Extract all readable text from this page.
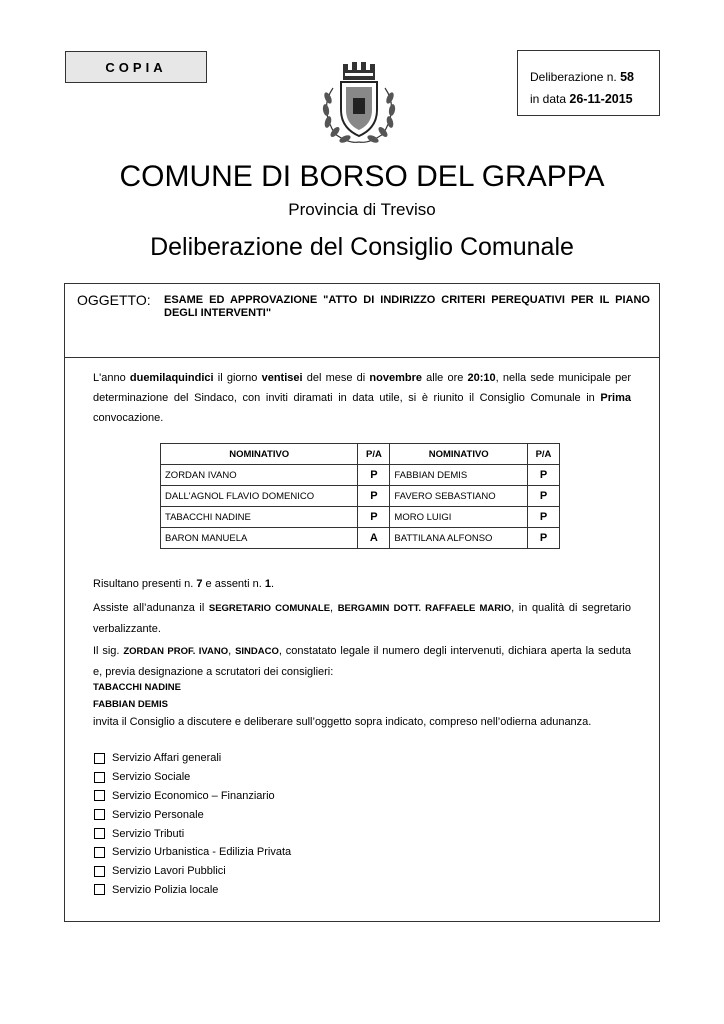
COPIA
Deliberazione n. 58
in data 26-11-2015
COMUNE DI BORSO DEL GRAPPA
Provincia di Treviso
Deliberazione del Consiglio Comunale
OGGETTO: ESAME ED APPROVAZIONE "ATTO DI INDIRIZZO CRITERI PEREQUATIVI PER IL PIANO DEGLI INTERVENTI"

L'anno duemilaquindici il giorno ventisei del mese di novembre alle ore 20:10, nella sede municipale per determinazione del Sindaco, con inviti diramati in data utile, si è riunito il Consiglio Comunale in Prima convocazione.

NOMINATIVO	P/A	NOMINATIVO	P/A
ZORDAN IVANO	P	FABBIAN DEMIS	P
DALL'AGNOL FLAVIO DOMENICO	P	FAVERO SEBASTIANO	P
TABACCHI NADINE	P	MORO LUIGI	P
BARON MANUELA	A	BATTILANA ALFONSO	P

Risultano presenti n. 7 e assenti n. 1.

Assiste all’adunanza il SEGRETARIO COMUNALE, BERGAMIN DOTT. RAFFAELE MARIO, in qualità di segretario verbalizzante.

Il sig. ZORDAN PROF. IVANO, SINDACO, constatato legale il numero degli intervenuti, dichiara aperta la seduta e, previa designazione a scrutatori dei consiglieri:

TABACCHI NADINE
FABBIAN DEMIS

invita il Consiglio a discutere e deliberare sull’oggetto sopra indicato, compreso nell’odierna adunanza.

Servizio Affari generali
Servizio Sociale
Servizio Economico – Finanziario
Servizio Personale
Servizio Tributi
Servizio Urbanistica - Edilizia Privata
Servizio Lavori Pubblici
Servizio Polizia locale
